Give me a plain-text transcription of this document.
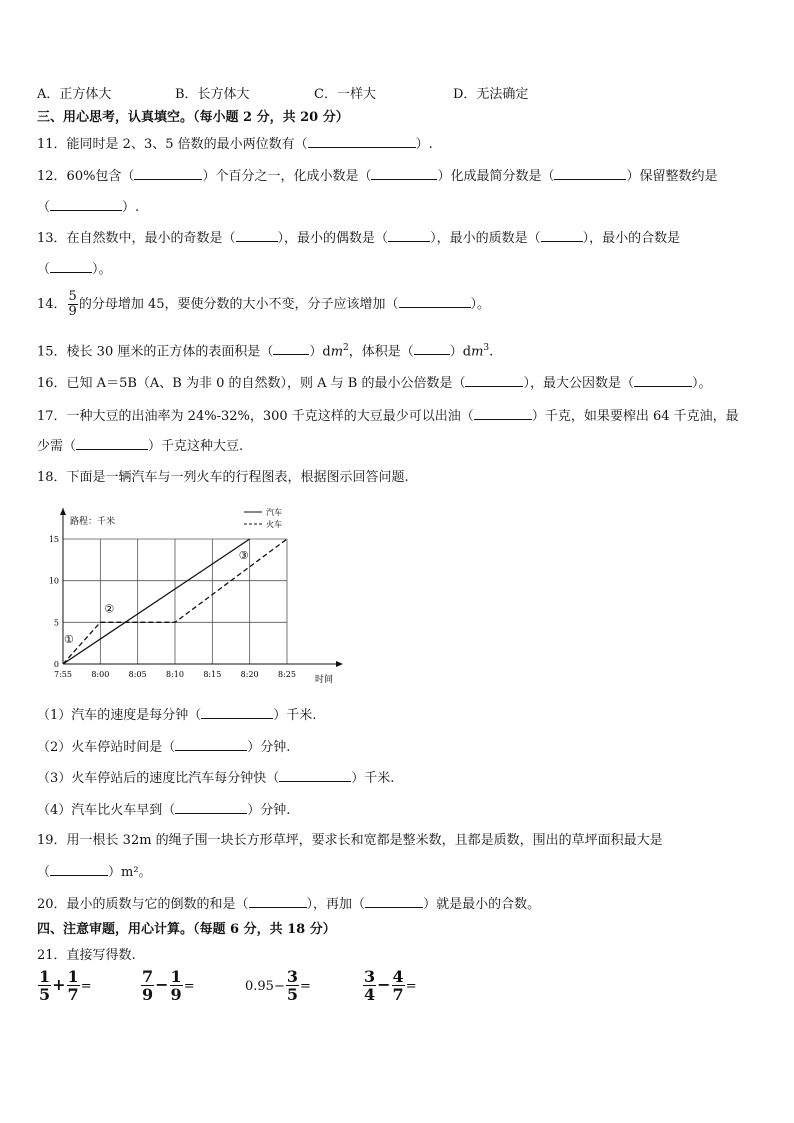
A．正方体大	B．长方体大	C．一样大	D．无法确定
三、用心思考，认真填空。（每小题 2 分，共 20 分）
11．能同时是 2、3、5 倍数的最小两位数有（	）.
12．60%包含（	）个百分之一，化成小数是（	）化成最简分数是（	）保留整数约是
（	）.
13．在自然数中，最小的奇数是（	），最小的偶数是（	），最小的质数是（	），最小的合数是
（	）。
14． $\frac{5}{9}$ 的分母增加 45，要使分数的大小不变，分子应该增加（	）。
15．棱长 30 厘米的正方体的表面积是（	）$dm^2$，体积是（	）$dm^3$.
16．已知 A＝5B（A、B 为非 0 的自然数），则 A 与 B 的最小公倍数是（	），最大公因数是（	）。
17．一种大豆的出油率为 24%-32%，300 千克这样的大豆最少可以出油（	）千克，如果要榨出 64 千克油，最
少需（	）千克这种大豆.
18．下面是一辆汽车与一列火车的行程图表，根据图示回答问题.
7:55 8:00 8:05 8:10 8:15 8:20 8:25
0
5
10
15
①
②
③
汽车
火车
路程：千米
时间
（1）汽车的速度是每分钟（	）千米.
（2）火车停站时间是（	）分钟.
（3）火车停站后的速度比汽车每分钟快（	）千米.
（4）汽车比火车早到（	）分钟.
19．用一根长 32m 的绳子围一块长方形草坪，要求长和宽都是整米数，且都是质数，围出的草坪面积最大是
（	）m²。
20．最小的质数与它的倒数的和是（	），再加（	）就是最小的合数。
四、注意审题，用心计算。（每题 6 分，共 18 分）
21．直接写得数.
$\frac{1}{5} + \frac{1}{7}$ =	$\frac{7}{9} - \frac{1}{9}$ =	$0.95- \frac{3}{5}$ =	$\frac{3}{4} - \frac{4}{7}$ =
